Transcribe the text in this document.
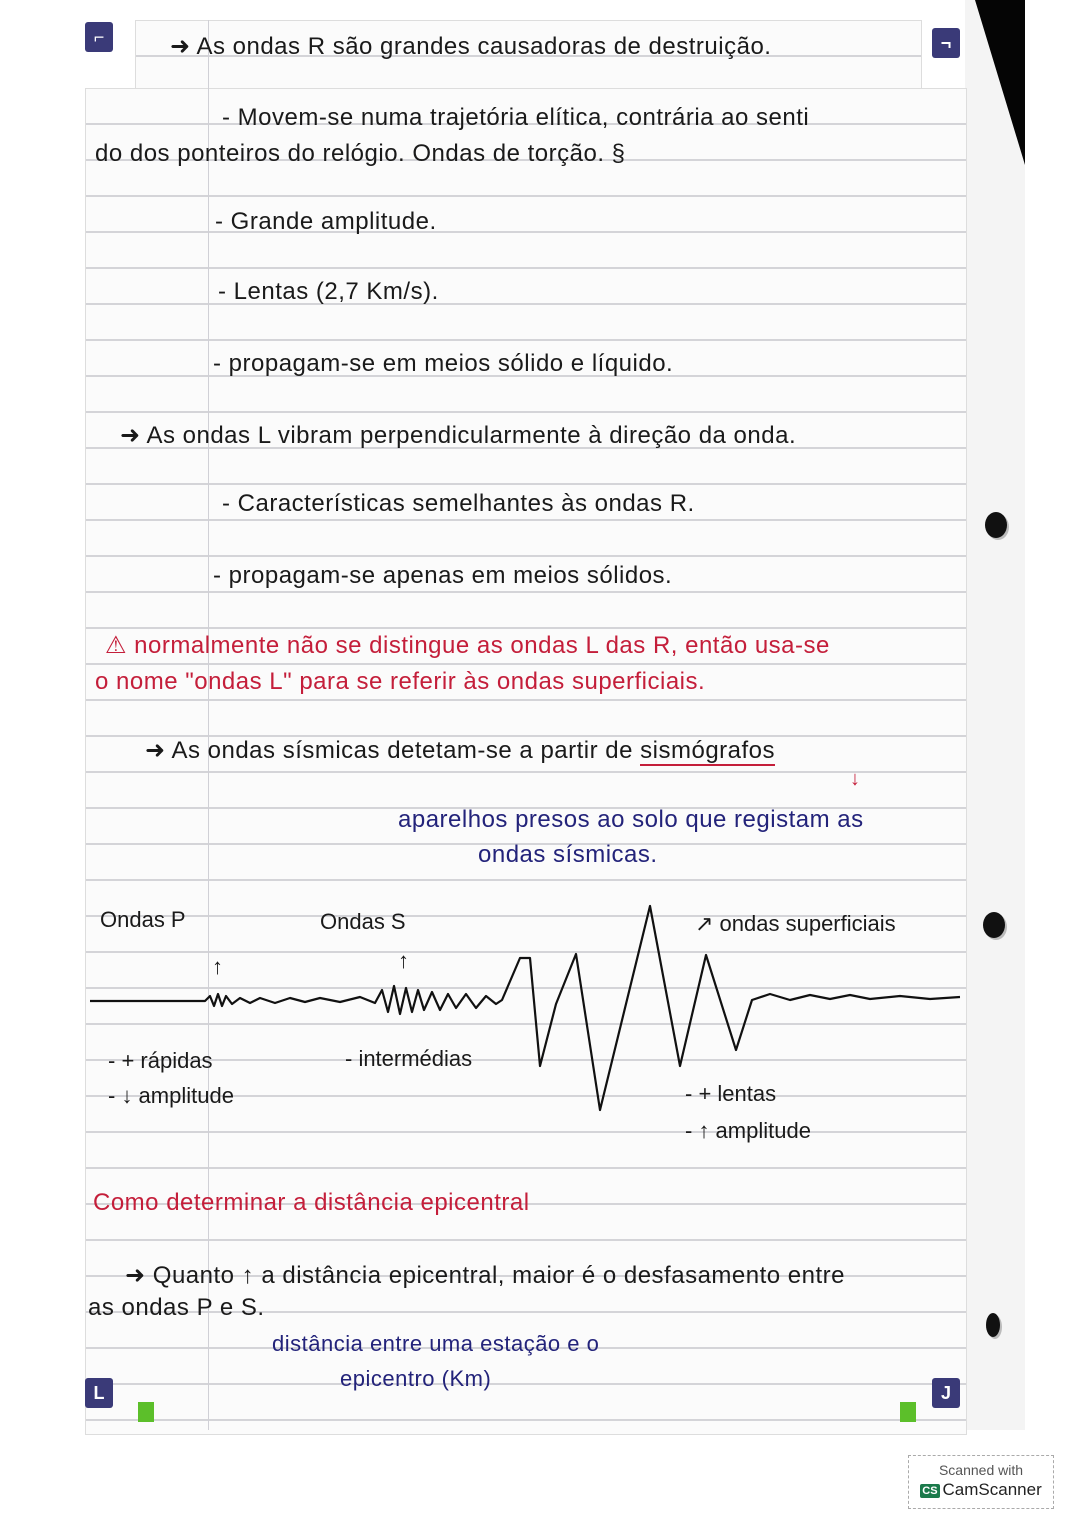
⌐	¬
L	J
➜ As ondas R são grandes causadoras de destruição.
- Movem-se numa trajetória elítica, contrária ao senti
do dos ponteiros do relógio. Ondas de torção. §
- Grande amplitude.
- Lentas (2,7 Km/s).
- propagam-se em meios sólido e líquido.
➜ As ondas L vibram perpendicularmente à direção da onda.
- Características semelhantes às ondas R.
- propagam-se apenas em meios sólidos.
⚠ normalmente não se distingue as ondas L das R, então usa-se
o nome "ondas L" para se referir às ondas superficiais.
➜ As ondas sísmicas detetam-se a partir de sismógrafos
↓
aparelhos presos ao solo que registam as
ondas sísmicas.
Ondas P	Ondas S	↗ ondas superficiais
↑	↑
- + rápidas
- ↓ amplitude
- intermédias
- + lentas
- ↑ amplitude
Como determinar a distância epicentral
➜ Quanto ↑ a distância epicentral, maior é o desfasamento entre
as ondas P e S.
distância entre uma estação e o
epicentro (Km)
Scanned with
CS CamScanner
